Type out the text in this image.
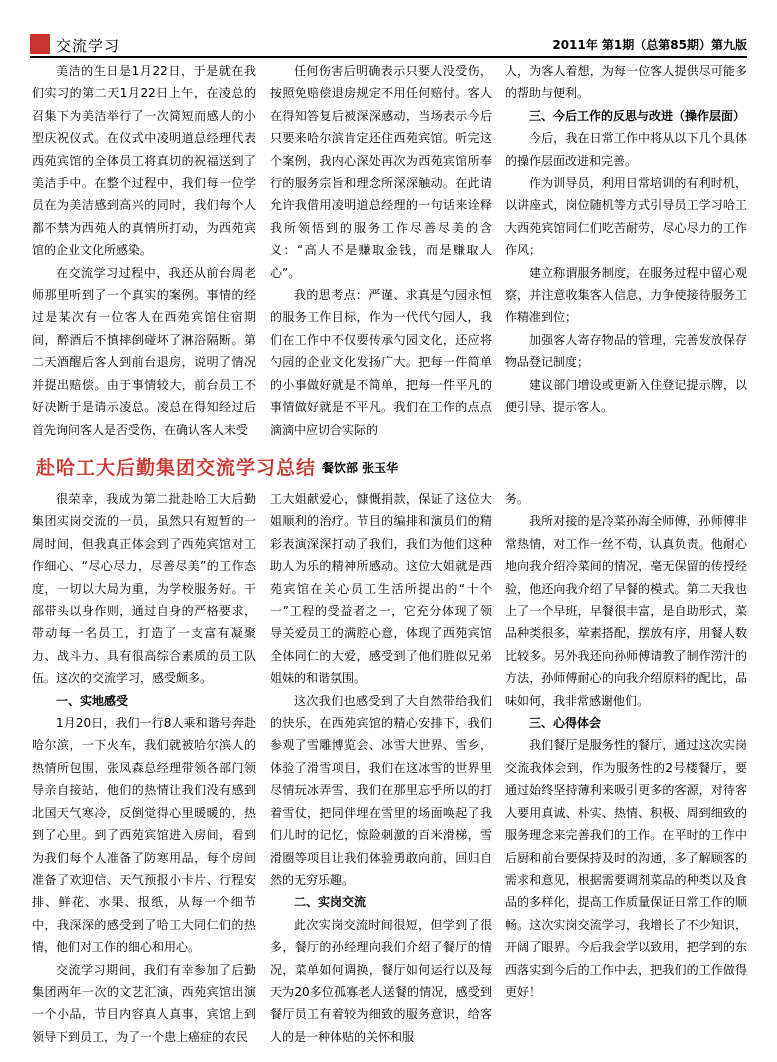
交流学习	2011年 第1期（总第85期）第九版

美洁的生日是1月22日，于是就在我们实习的第二天1月22日上午，在凌总的召集下为美洁举行了一次简短而感人的小型庆祝仪式。在仪式中凌明道总经理代表西苑宾馆的全体员工将真切的祝福送到了美洁手中。在整个过程中，我们每一位学员在为美洁感到高兴的同时，我们每个人都不禁为西苑人的真情所打动，为西苑宾馆的企业文化所感染。

在交流学习过程中，我还从前台周老师那里听到了一个真实的案例。事情的经过是某次有一位客人在西苑宾馆住宿期间，醉酒后不慎摔倒碰坏了淋浴隔断。第二天酒醒后客人到前台退房，说明了情况并提出赔偿。由于事情较大，前台员工不好决断于是请示凌总。凌总在得知经过后首先询问客人是否受伤，在确认客人未受

任何伤害后明确表示只要人没受伤，按照免赔偿退房规定不用任何赔付。客人在得知答复后被深深感动，当场表示今后只要来哈尔滨肯定还住西苑宾馆。听完这个案例，我内心深处再次为西苑宾馆所奉行的服务宗旨和理念所深深触动。在此请允许我借用凌明道总经理的一句话来诠释我所领悟到的服务工作尽善尽美的含义：“高人不是赚取金钱，而是赚取人心”。

我的思考点：严谨、求真是勺园永恒的服务工作目标，作为一代代勺园人，我们在工作中不仅要传承勺园文化，还应将勺园的企业文化发扬广大。把每一件简单的小事做好就是不简单，把每一件平凡的事情做好就是不平凡。我们在工作的点点滴滴中应切合实际的

人，为客人着想，为每一位客人提供尽可能多的帮助与便利。

三、今后工作的反思与改进（操作层面）

今后，我在日常工作中将从以下几个具体的操作层面改进和完善。

作为训导员，利用日常培训的有利时机，以讲座式，岗位随机等方式引导员工学习哈工大西苑宾馆同仁们吃苦耐劳，尽心尽力的工作作风；

建立称谓服务制度，在服务过程中留心观察，并注意收集客人信息，力争使接待服务工作精准到位；

加强客人寄存物品的管理，完善发放保存物品登记制度；

建议部门增设或更新入住登记提示牌，以便引导、提示客人。

赴哈工大后勤集团交流学习总结 餐饮部 张玉华

很荣幸，我成为第二批赴哈工大后勤集团实岗交流的一员，虽然只有短暂的一周时间，但我真正体会到了西苑宾馆对工作细心、“尽心尽力，尽善尽美”的工作态度，一切以大局为重，为学校服务好。干部带头以身作则，通过自身的严格要求，带动每一名员工，打造了一支富有凝聚力、战斗力、具有很高综合素质的员工队伍。这次的交流学习，感受颇多。

一、实地感受

1月20日，我们一行8人乘和谐号奔赴哈尔滨，一下火车，我们就被哈尔滨人的热情所包围，张凤森总经理带领各部门领导亲自接站，他们的热情让我们没有感到北国天气寒冷，反倒觉得心里暖暖的，热到了心里。到了西苑宾馆进入房间，看到为我们每个人准备了防寒用品，每个房间准备了欢迎信、天气预报小卡片、行程安排、鲜花、水果、报纸，从每一个细节中，我深深的感受到了哈工大同仁们的热情，他们对工作的细心和用心。

交流学习期间，我们有幸参加了后勤集团两年一次的文艺汇演，西苑宾馆出演一个小品，节目内容真人真事，宾馆上到领导下到员工，为了一个患上癌症的农民

工大姐献爱心，慷慨捐款，保证了这位大姐顺利的治疗。节目的编排和演员们的精彩表演深深打动了我们，我们为他们这种助人为乐的精神所感动。这位大姐就是西苑宾馆在关心员工生活所提出的“十个一”工程的受益者之一，它充分体现了领导关爱员工的满腔心意，体现了西苑宾馆全体同仁的大爱，感受到了他们胜似兄弟姐妹的和谐氛围。

这次我们也感受到了大自然带给我们的快乐，在西苑宾馆的精心安排下，我们参观了雪雕博览会、冰雪大世界、雪乡，体验了滑雪项目，我们在这冰雪的世界里尽情玩冰弄雪，我们在那里忘乎所以的打着雪仗，把同伴埋在雪里的场面唤起了我们儿时的记忆，惊险刺激的百米滑梯，雪滑圈等项目让我们体验勇敢向前，回归自然的无穷乐趣。

二、实岗交流

此次实岗交流时间很短，但学到了很多，餐厅的孙经理向我们介绍了餐厅的情况，菜单如何调换，餐厅如何运行以及每天为20多位孤寡老人送餐的情况，感受到餐厅员工有着较为细致的服务意识，给客人的是一种体贴的关怀和服

务。

我所对接的是冷菜孙海全师傅，孙师傅非常热情，对工作一丝不苟，认真负责。他耐心地向我介绍冷菜间的情况，毫无保留的传授经验，他还向我介绍了早餐的模式。第二天我也上了一个早班，早餐很丰富，是自助形式，菜品种类很多，荤素搭配，摆放有序，用餐人数比较多。另外我还向孙师傅请教了制作涝汁的方法，孙师傅耐心的向我介绍原料的配比，品味如何，我非常感谢他们。

三、心得体会

我们餐厅是服务性的餐厅，通过这次实岗交流我体会到，作为服务性的2号楼餐厅，要通过始终坚持薄利来吸引更多的客源，对待客人要用真诚、朴实、热情、积极、周到细致的服务理念来完善我们的工作。在平时的工作中后厨和前台要保持及时的沟通，多了解顾客的需求和意见，根据需要调剂菜品的种类以及食品的多样化，提高工作质量保证日常工作的顺畅。这次实岗交流学习，我增长了不少知识，开阔了眼界。今后我会学以致用，把学到的东西落实到今后的工作中去，把我们的工作做得更好！
